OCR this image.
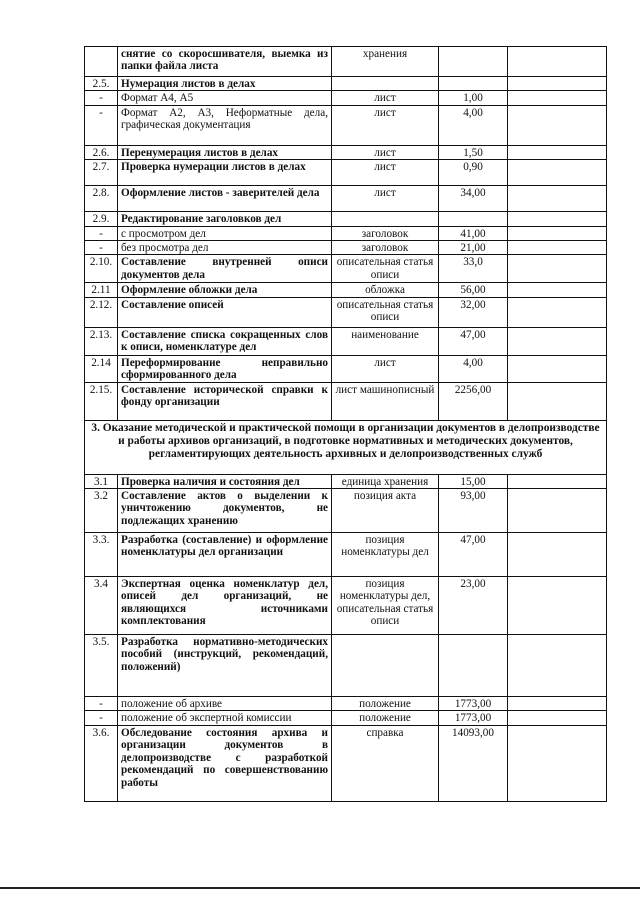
	снятие со скоросшивателя, выемка из папки файла листа	хранения		
2.5.	Нумерация листов в делах			
-	Формат А4, А5	лист	1,00	
-	Формат А2, А3, Неформатные дела, графическая документация	лист	4,00	
2.6.	Перенумерация листов в делах	лист	1,50	
2.7.	Проверка нумерации листов в делах	лист	0,90	
2.8.	Оформление листов - заверителей дела	лист	34,00	
2.9.	Редактирование заголовков дел			
-	с просмотром дел	заголовок	41,00	
-	без просмотра дел	заголовок	21,00	
2.10.	Составление внутренней описи документов дела	описательная статья описи	33,0	
2.11	Оформление обложки дела	обложка	56,00	
2.12.	Составление описей	описательная статья описи	32,00	
2.13.	Составление списка сокращенных слов к описи, номенклатуре дел	наименование	47,00	
2.14	Переформирование неправильно сформированного дела	лист	4,00	
2.15.	Составление исторической справки к фонду организации	лист машинописный	2256,00	
3. Оказание методической и практической помощи в организации документов в делопроизводстве и работы архивов организаций, в подготовке нормативных и методических документов, регламентирующих деятельность архивных и делопроизводственных служб				
3.1	Проверка наличия и состояния дел	единица хранения	15,00	
3.2	Составление актов о выделении к уничтожению документов, не подлежащих хранению	позиция акта	93,00	
3.3.	Разработка (составление) и оформление номенклатуры дел организации	позиция номенклатуры дел	47,00	
3.4	Экспертная оценка номенклатур дел, описей дел организаций, не являющихся источниками комплектования	позиция номенклатуры дел, описательная статья описи	23,00	
3.5.	Разработка нормативно-методических пособий (инструкций, рекомендаций, положений)			
-	положение об архиве	положение	1773,00	
-	положение об экспертной комиссии	положение	1773,00	
3.6.	Обследование состояния архива и организации документов в делопроизводстве с разработкой рекомендаций по совершенствованию работы	справка	14093,00	
